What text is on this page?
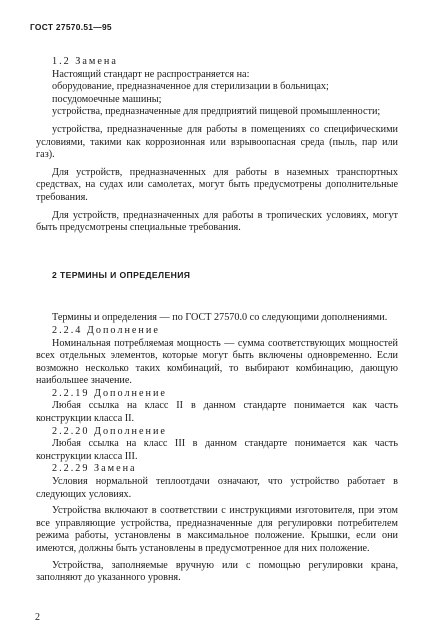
ГОСТ 27570.51—95

1.2 Замена

Настоящий стандарт не распространяется на:

оборудование, предназначенное для стерилизации в больницах;

посудомоечные машины;

устройства, предназначенные для предприятий пищевой промышленности;

устройства, предназначенные для работы в помещениях со специфическими условиями, такими как коррозионная или взрывоопасная среда (пыль, пар или газ).

Для устройств, предназначенных для работы в наземных транспортных средствах, на судах или самолетах, могут быть предусмотрены дополнительные требования.

Для устройств, предназначенных для работы в тропических условиях, могут быть предусмотрены специальные требования.

2 ТЕРМИНЫ И ОПРЕДЕЛЕНИЯ

Термины и определения — по ГОСТ 27570.0 со следующими дополнениями.

2.2.4 Дополнение

Номинальная потребляемая мощность — сумма соответствующих мощностей всех отдельных элементов, которые могут быть включены одновременно. Если возможно несколько таких комбинаций, то выбирают комбинацию, дающую наибольшее значение.

2.2.19 Дополнение

Любая ссылка на класс II в данном стандарте понимается как часть конструкции класса II.

2.2.20 Дополнение

Любая ссылка на класс III в данном стандарте понимается как часть конструкции класса III.

2.2.29 Замена

Условия нормальной теплоотдачи означают, что устройство работает в следующих условиях.

Устройства включают в соответствии с инструкциями изготовителя, при этом все управляющие устройства, предназначенные для регулировки потребителем режима работы, установлены в максимальное положение. Крышки, если они имеются, должны быть установлены в предусмотренное для них положение.

Устройства, заполняемые вручную или с помощью регулировки крана, заполняют до указанного уровня.

2
